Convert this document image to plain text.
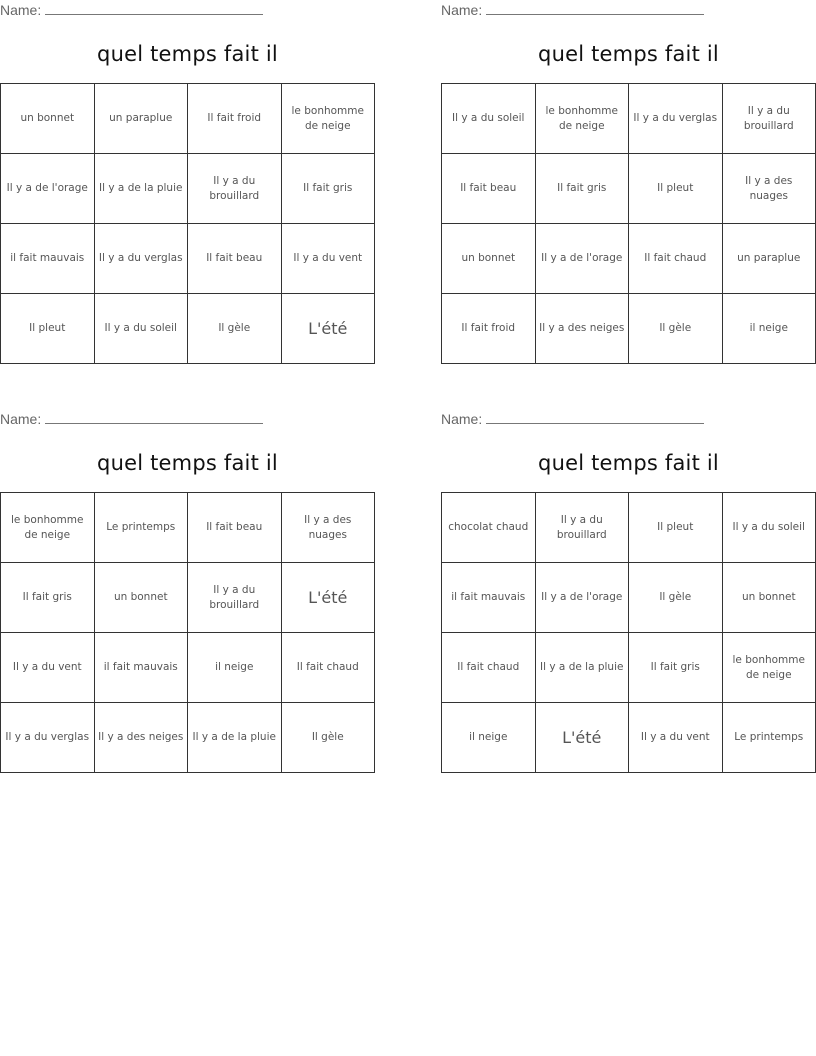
Name:
quel temps fait il
un bonnet	un paraplue	Il fait froid	le bonhomme de neige
Il y a de l'orage	Il y a de la pluie	Il y a du brouillard	Il fait gris
il fait mauvais	Il y a du verglas	Il fait beau	Il y a du vent
Il pleut	Il y a du soleil	Il gèle	L'été
Name:
quel temps fait il
Il y a du soleil	le bonhomme de neige	Il y a du verglas	Il y a du brouillard
Il fait beau	Il fait gris	Il pleut	Il y a des nuages
un bonnet	Il y a de l'orage	Il fait chaud	un paraplue
Il fait froid	Il y a des neiges	Il gèle	il neige
Name:
quel temps fait il
le bonhomme de neige	Le printemps	Il fait beau	Il y a des nuages
Il fait gris	un bonnet	Il y a du brouillard	L'été
Il y a du vent	il fait mauvais	il neige	Il fait chaud
Il y a du verglas	Il y a des neiges	Il y a de la pluie	Il gèle
Name:
quel temps fait il
chocolat chaud	Il y a du brouillard	Il pleut	Il y a du soleil
il fait mauvais	Il y a de l'orage	Il gèle	un bonnet
Il fait chaud	Il y a de la pluie	Il fait gris	le bonhomme de neige
il neige	L'été	Il y a du vent	Le printemps
